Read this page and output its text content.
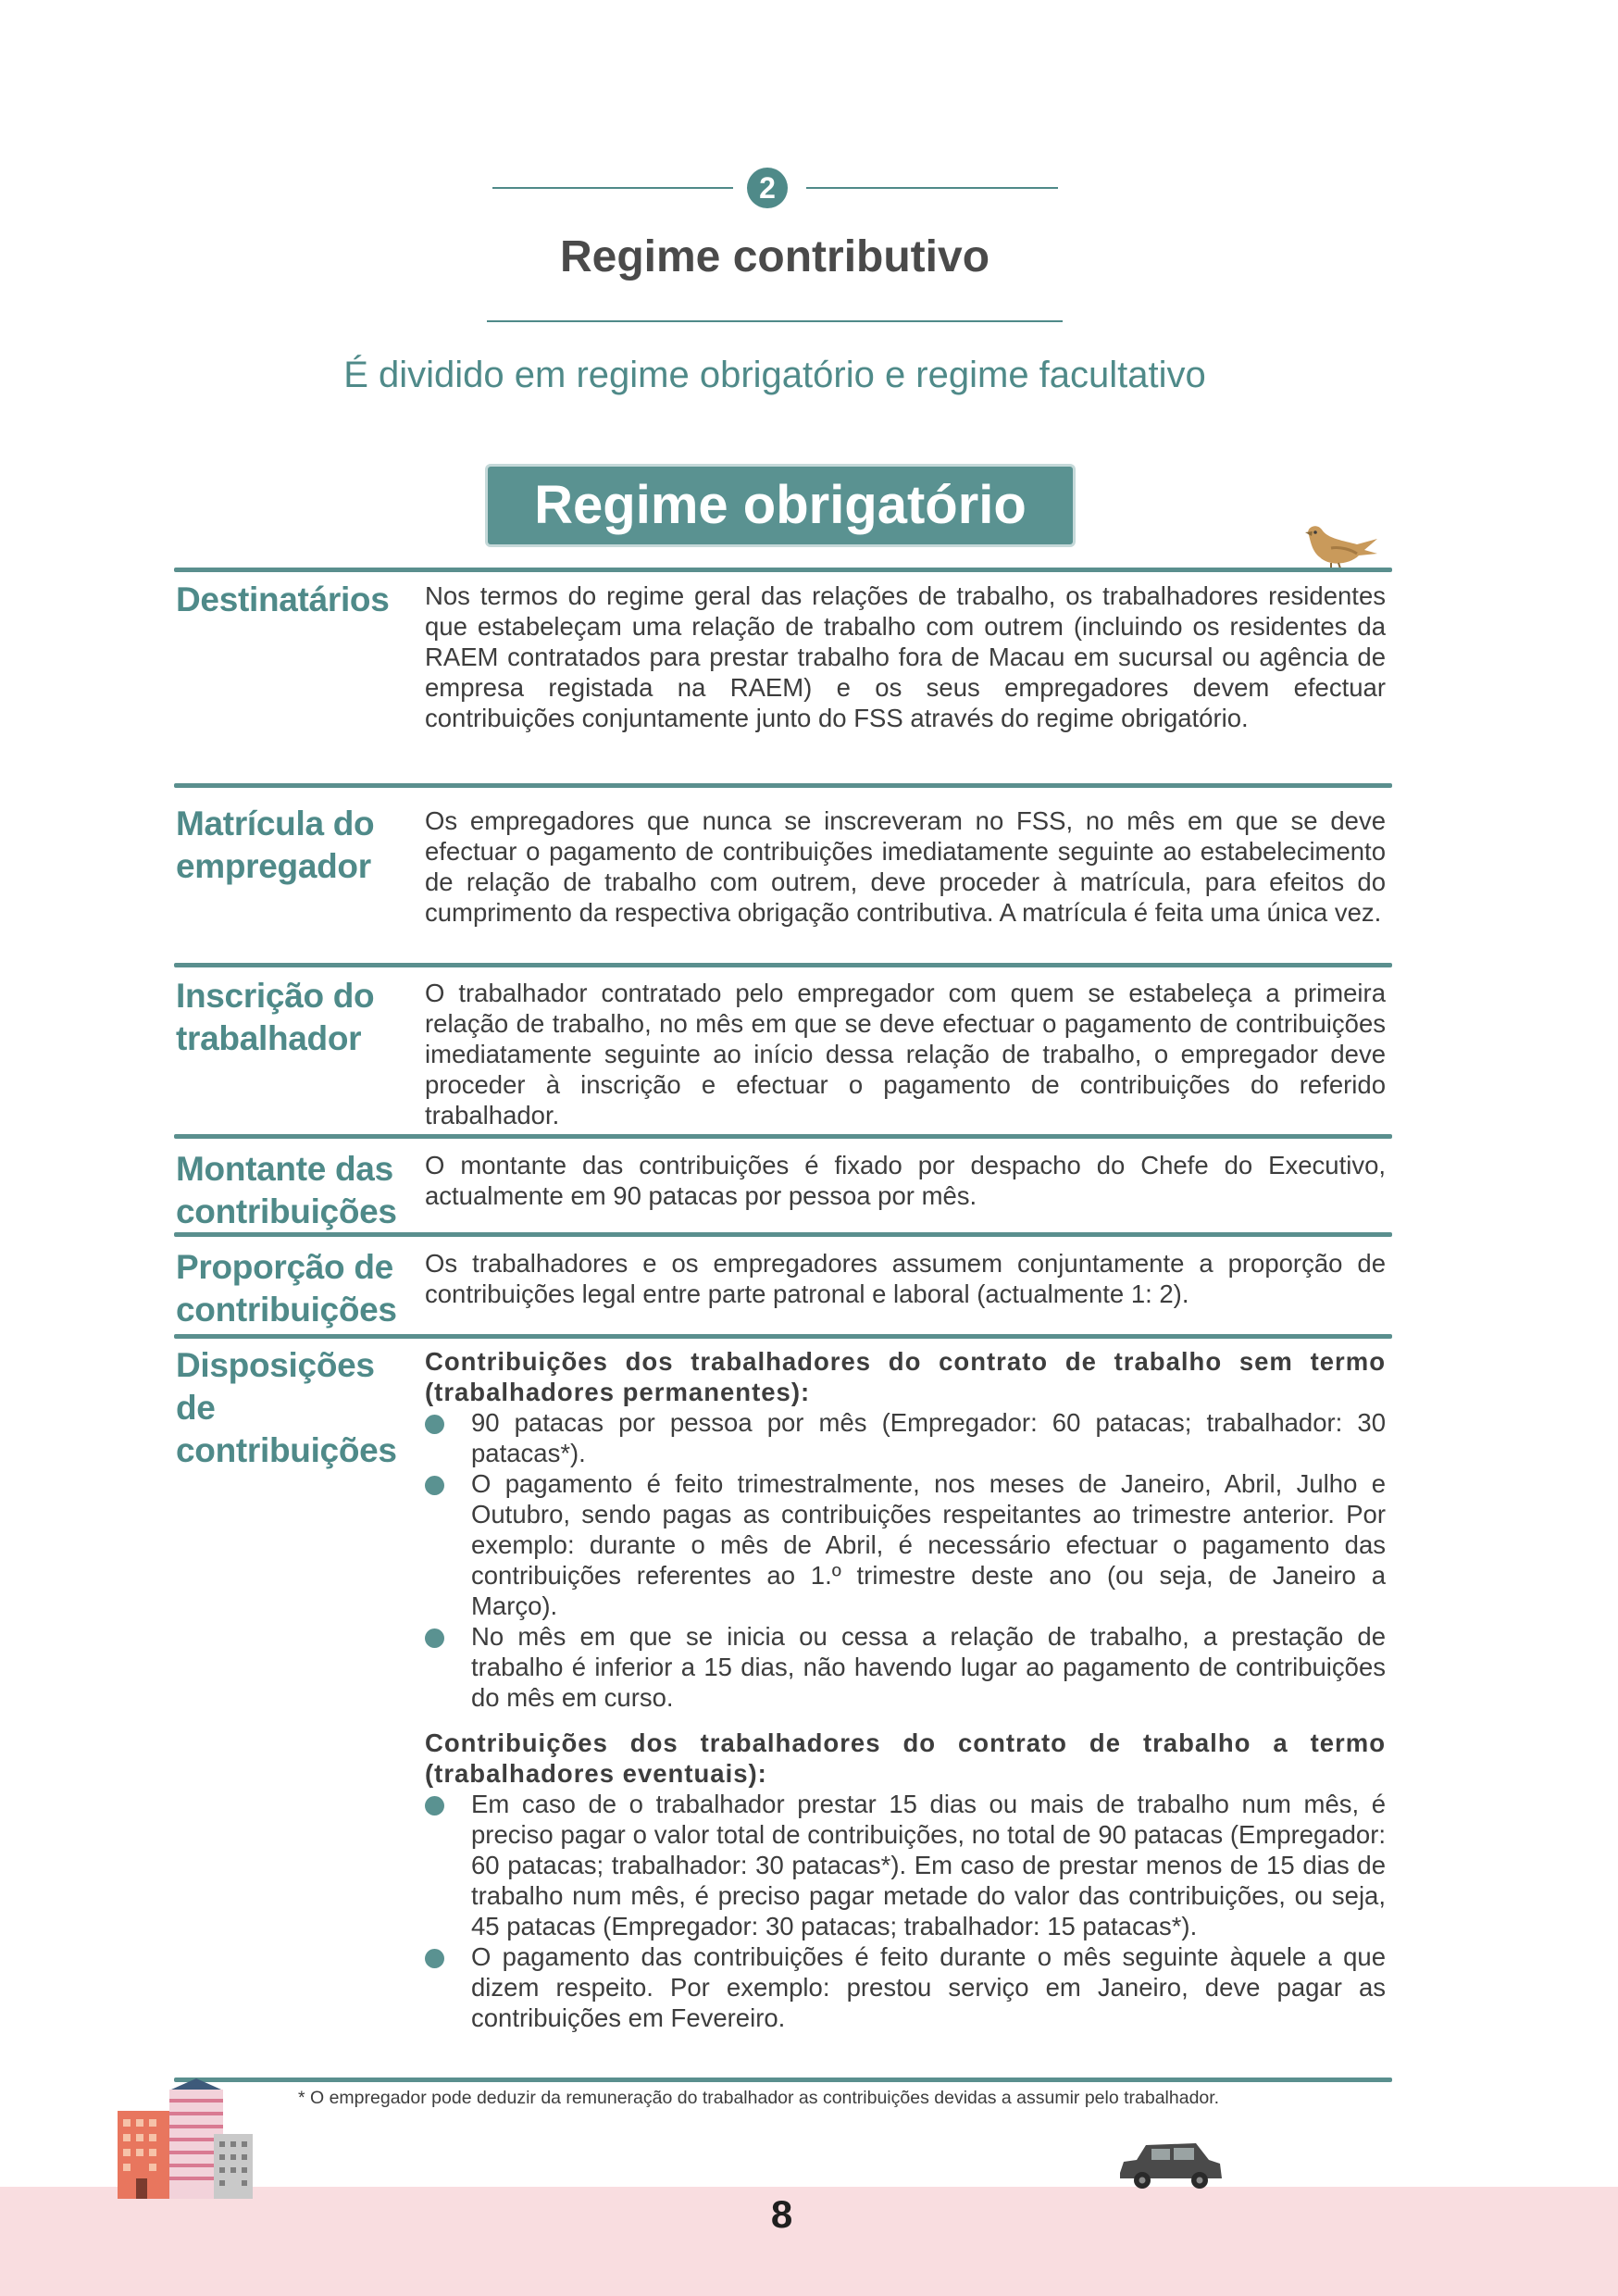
2
Regime contributivo
É dividido em regime obrigatório e regime facultativo
Regime obrigatório
Destinatários	Nos termos do regime geral das relações de trabalho, os trabalhadores residentes que estabeleçam uma relação de trabalho com outrem (incluindo os residentes da RAEM contratados para prestar trabalho fora de Macau em sucursal ou agência de empresa registada na RAEM) e os seus empregadores devem efectuar contribuições conjuntamente junto do FSS através do regime obrigatório.

Matrícula do
empregador

Os empregadores que nunca se inscreveram no FSS, no mês em que se deve efectuar o pagamento de contribuições imediatamente seguinte ao estabelecimento de relação de trabalho com outrem, deve proceder à matrícula, para efeitos do cumprimento da respectiva obrigação contributiva. A matrícula é feita uma única vez.

Inscrição do
trabalhador

O trabalhador contratado pelo empregador com quem se estabeleça a primeira relação de trabalho, no mês em que se deve efectuar o pagamento de contribuições imediatamente seguinte ao início dessa relação de trabalho, o empregador deve proceder à inscrição e efectuar o pagamento de contribuições do referido trabalhador.

Montante das
contribuições

O montante das contribuições é fixado por despacho do Chefe do Executivo, actualmente em 90 patacas por pessoa por mês.

Proporção de
contribuições

Os trabalhadores e os empregadores assumem conjuntamente a proporção de contribuições legal entre parte patronal e laboral (actualmente 1: 2).

Disposições de
contribuições

Contribuições dos trabalhadores do contrato de trabalho sem termo (trabalhadores permanentes):

90 patacas por pessoa por mês (Empregador: 60 patacas; trabalhador: 30 patacas*).
O pagamento é feito trimestralmente, nos meses de Janeiro, Abril, Julho e Outubro, sendo pagas as contribuições respeitantes ao trimestre anterior. Por exemplo: durante o mês de Abril, é necessário efectuar o pagamento das contribuições referentes ao 1.º trimestre deste ano (ou seja, de Janeiro a Março).
No mês em que se inicia ou cessa a relação de trabalho, a prestação de trabalho é inferior a 15 dias, não havendo lugar ao pagamento de contribuições do mês em curso.

Contribuições dos trabalhadores do contrato de trabalho a termo (trabalhadores eventuais):

Em caso de o trabalhador prestar 15 dias ou mais de trabalho num mês, é preciso pagar o valor total de contribuições, no total de 90 patacas (Empregador: 60 patacas; trabalhador: 30 patacas*). Em caso de prestar menos de 15 dias de trabalho num mês, é preciso pagar metade do valor das contribuições, ou seja, 45 patacas (Empregador: 30 patacas; trabalhador: 15 patacas*).
O pagamento das contribuições é feito durante o mês seguinte àquele a que dizem respeito. Por exemplo: prestou serviço em Janeiro, deve pagar as contribuições em Fevereiro.
* O empregador pode deduzir da remuneração do trabalhador as contribuições devidas a assumir pelo trabalhador.
8
